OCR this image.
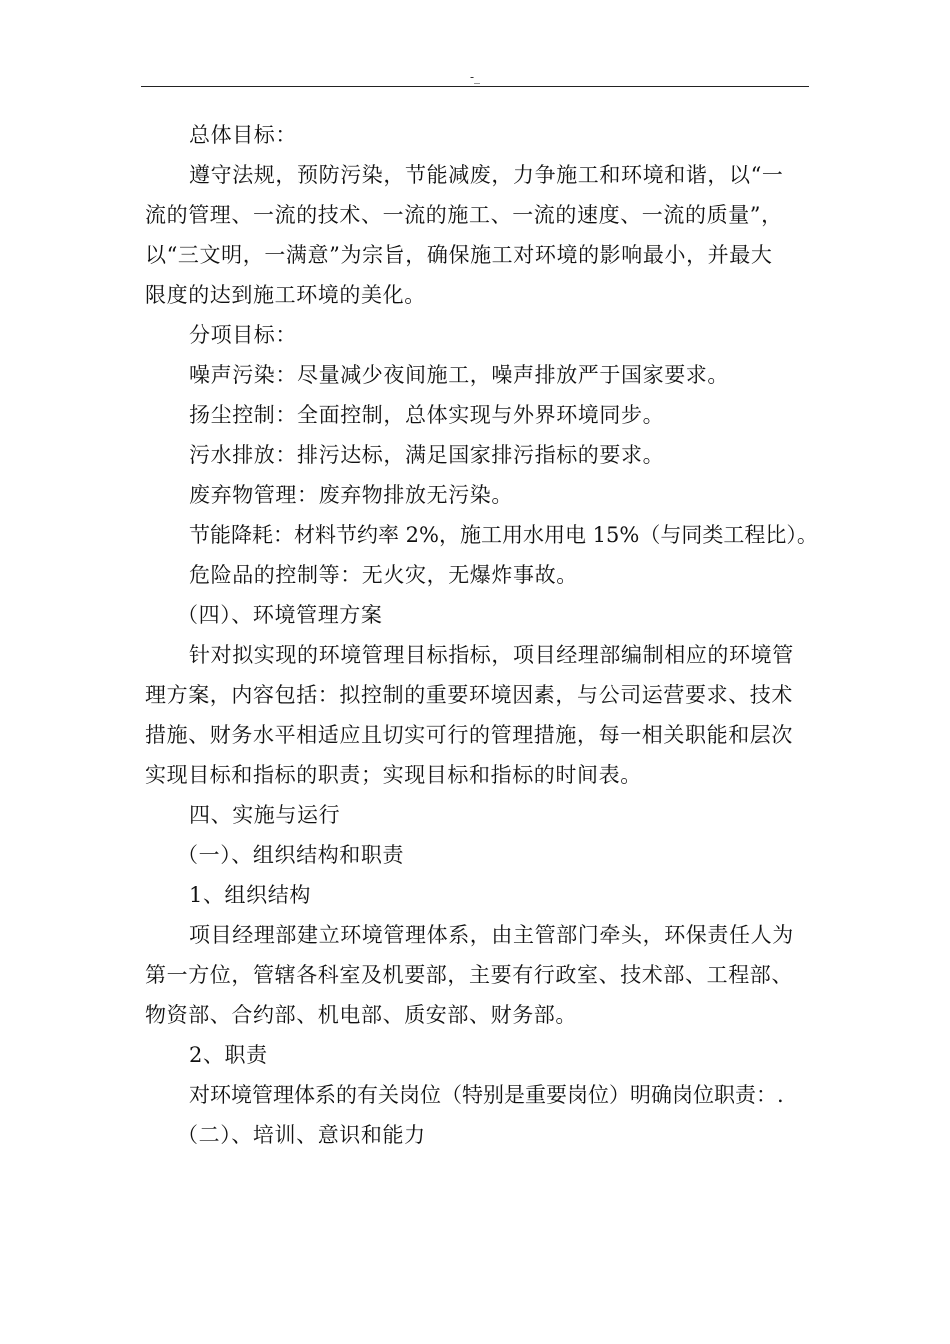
-_
总体目标：
遵守法规，预防污染，节能减废，力争施工和环境和谐，以“一
流的管理、一流的技术、一流的施工、一流的速度、一流的质量”，
以“三文明，一满意”为宗旨，确保施工对环境的影响最小，并最大
限度的达到施工环境的美化。
分项目标：
噪声污染：尽量减少夜间施工，噪声排放严于国家要求。
扬尘控制：全面控制，总体实现与外界环境同步。
污水排放：排污达标，满足国家排污指标的要求。
废弃物管理：废弃物排放无污染。
节能降耗：材料节约率 2%，施工用水用电 15%（与同类工程比）。
危险品的控制等：无火灾，无爆炸事故。
（四）、环境管理方案
针对拟实现的环境管理目标指标，项目经理部编制相应的环境管
理方案，内容包括：拟控制的重要环境因素，与公司运营要求、技术
措施、财务水平相适应且切实可行的管理措施，每一相关职能和层次
实现目标和指标的职责；实现目标和指标的时间表。
四、实施与运行
（一）、组织结构和职责
1、组织结构
项目经理部建立环境管理体系，由主管部门牵头，环保责任人为
第一方位，管辖各科室及机要部，主要有行政室、技术部、工程部、
物资部、合约部、机电部、质安部、财务部。
2、职责
对环境管理体系的有关岗位（特别是重要岗位）明确岗位职责：.
（二）、培训、意识和能力
